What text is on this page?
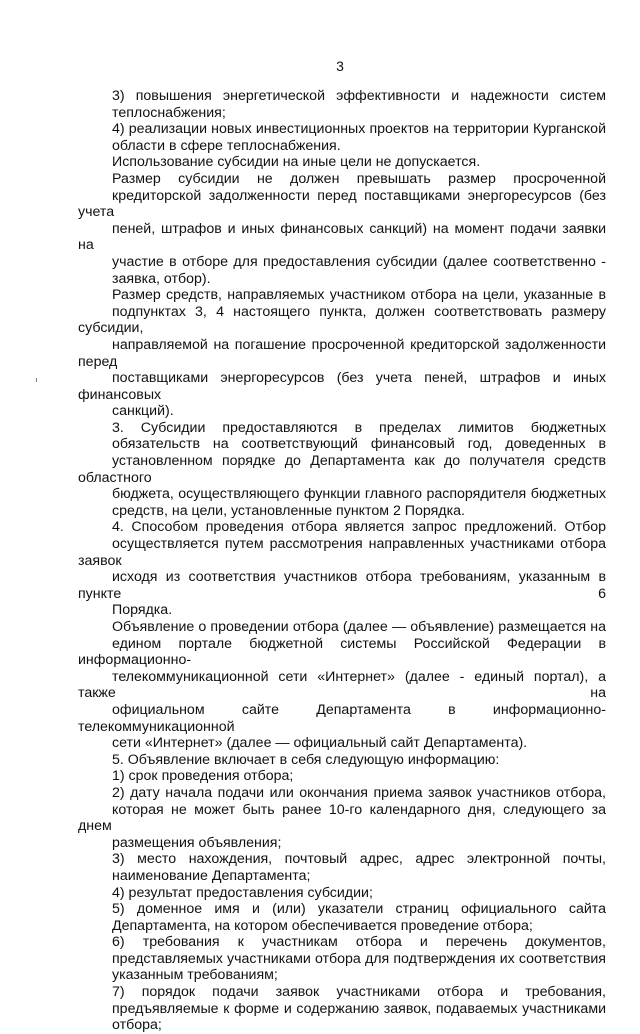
3

3) повышения энергетической эффективности и надежности систем
теплоснабжения;

4) реализации новых инвестиционных проектов на территории Курганской
области в сфере теплоснабжения.

Использование субсидии на иные цели не допускается.

Размер субсидии не должен превышать размер просроченной
кредиторской задолженности перед поставщиками энергоресурсов (без учета
пеней, штрафов и иных финансовых санкций) на момент подачи заявки на
участие в отборе для предоставления субсидии (далее соответственно -
заявка, отбор).

Размер средств, направляемых участником отбора на цели, указанные в
подпунктах 3, 4 настоящего пункта, должен соответствовать размеру субсидии,
направляемой на погашение просроченной кредиторской задолженности перед
поставщиками энергоресурсов (без учета пеней, штрафов и иных финансовых
санкций).

3. Субсидии предоставляются в пределах лимитов бюджетных
обязательств на соответствующий финансовый год, доведенных в
установленном порядке до Департамента как до получателя средств областного
бюджета, осуществляющего функции главного распорядителя бюджетных
средств, на цели, установленные пунктом 2 Порядка.

4. Способом проведения отбора является запрос предложений. Отбор
осуществляется путем рассмотрения направленных участниками отбора заявок
исходя из соответствия участников отбора требованиям, указанным в пункте 6
Порядка.

Объявление о проведении отбора (далее — объявление) размещается на
едином портале бюджетной системы Российской Федерации в информационно-
телекоммуникационной сети «Интернет» (далее - единый портал), а также на
официальном сайте Департамента в информационно-телекоммуникационной
сети «Интернет» (далее — официальный сайт Департамента).

5. Объявление включает в себя следующую информацию:

1) срок проведения отбора;

2) дату начала подачи или окончания приема заявок участников отбора,
которая не может быть ранее 10-го календарного дня, следующего за днем
размещения объявления;

3) место нахождения, почтовый адрес, адрес электронной почты,
наименование Департамента;

4) результат предоставления субсидии;

5) доменное имя и (или) указатели страниц официального сайта
Департамента, на котором обеспечивается проведение отбора;

6) требования к участникам отбора и перечень документов,
представляемых участниками отбора для подтверждения их соответствия
указанным требованиям;

7) порядок подачи заявок участниками отбора и требования,
предъявляемые к форме и содержанию заявок, подаваемых участниками
отбора;
